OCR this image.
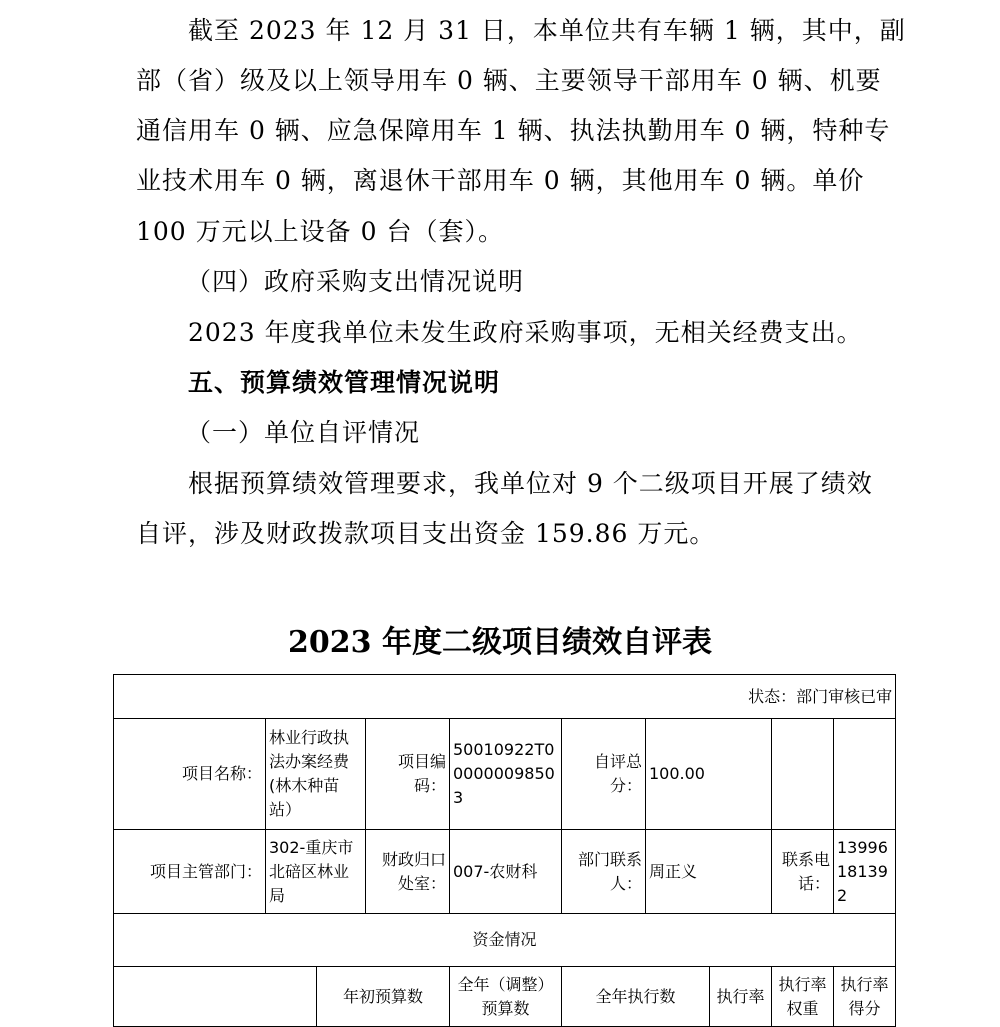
截至 2023 年 12 月 31 日，本单位共有车辆 1 辆，其中，副
部（省）级及以上领导用车 0 辆、主要领导干部用车 0 辆、机要
通信用车 0 辆、应急保障用车 1 辆、执法执勤用车 0 辆，特种专
业技术用车 0 辆，离退休干部用车 0 辆，其他用车 0 辆。单价
100 万元以上设备 0 台（套）。
（四）政府采购支出情况说明
2023 年度我单位未发生政府采购事项，无相关经费支出。
五、预算绩效管理情况说明
（一）单位自评情况
根据预算绩效管理要求，我单位对 9 个二级项目开展了绩效
自评，涉及财政拨款项目支出资金 159.86 万元。
2023 年度二级项目绩效自评表
状态：部门审核已审									
项目名称：	林业行政执法办案经费(林木种苗站）		项目编码：	50010922T000000098503	自评总分：	100.00			
项目主管部门：	302-重庆市北碚区林业局		财政归口处室：	007-农财科	部门联系人：	周正义		联系电话：	13996181392
资金情况									
		年初预算数		全年（调整）预算数	全年执行数		执行率	执行率权重	执行率得分
